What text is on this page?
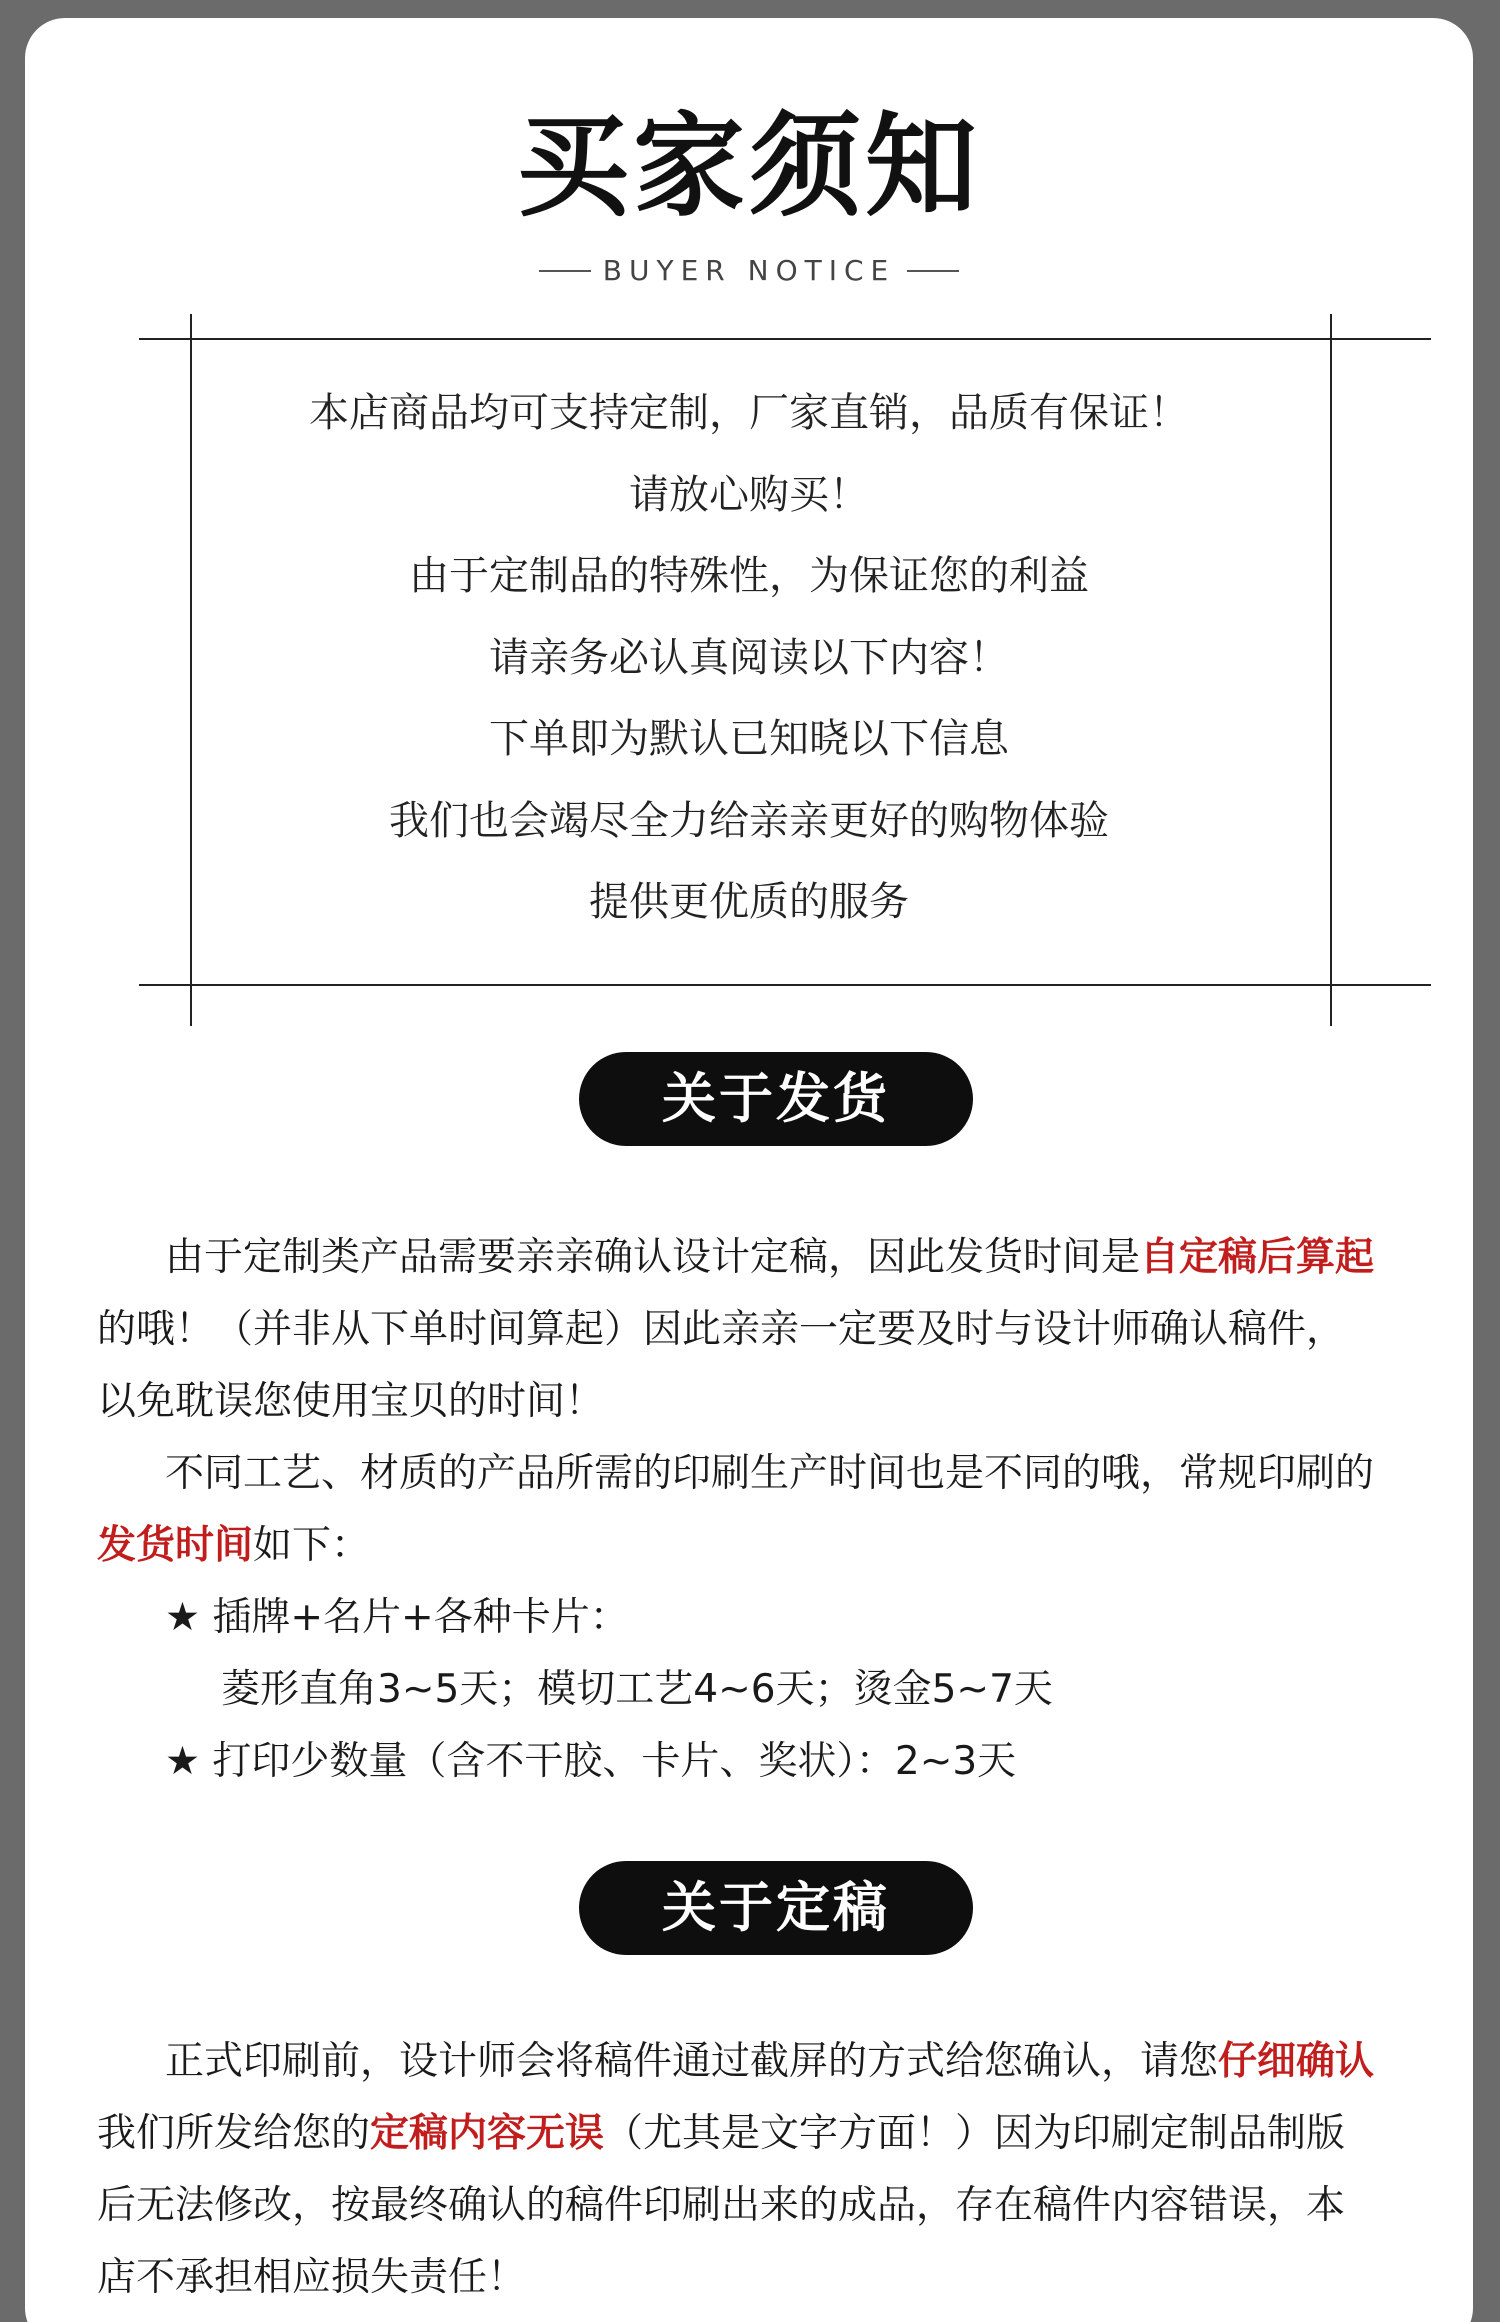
买家须知
BUYER NOTICE
本店商品均可支持定制，厂家直销，品质有保证！
请放心购买！
由于定制品的特殊性，为保证您的利益
请亲务必认真阅读以下内容！
下单即为默认已知晓以下信息
我们也会竭尽全力给亲亲更好的购物体验
提供更优质的服务
关于发货

由于定制类产品需要亲亲确认设计定稿，因此发货时间是自定稿后算起

的哦！（并非从下单时间算起）因此亲亲一定要及时与设计师确认稿件，

以免耽误您使用宝贝的时间！

不同工艺、材质的产品所需的印刷生产时间也是不同的哦，常规印刷的

发货时间如下：

★ 插牌+名片+各种卡片：

菱形直角3~5天；模切工艺4~6天；烫金5~7天

★ 打印少数量（含不干胶、卡片、奖状）：2~3天

关于定稿

正式印刷前，设计师会将稿件通过截屏的方式给您确认，请您仔细确认

我们所发给您的定稿内容无误（尤其是文字方面！）因为印刷定制品制版

后无法修改，按最终确认的稿件印刷出来的成品，存在稿件内容错误，本

店不承担相应损失责任！
